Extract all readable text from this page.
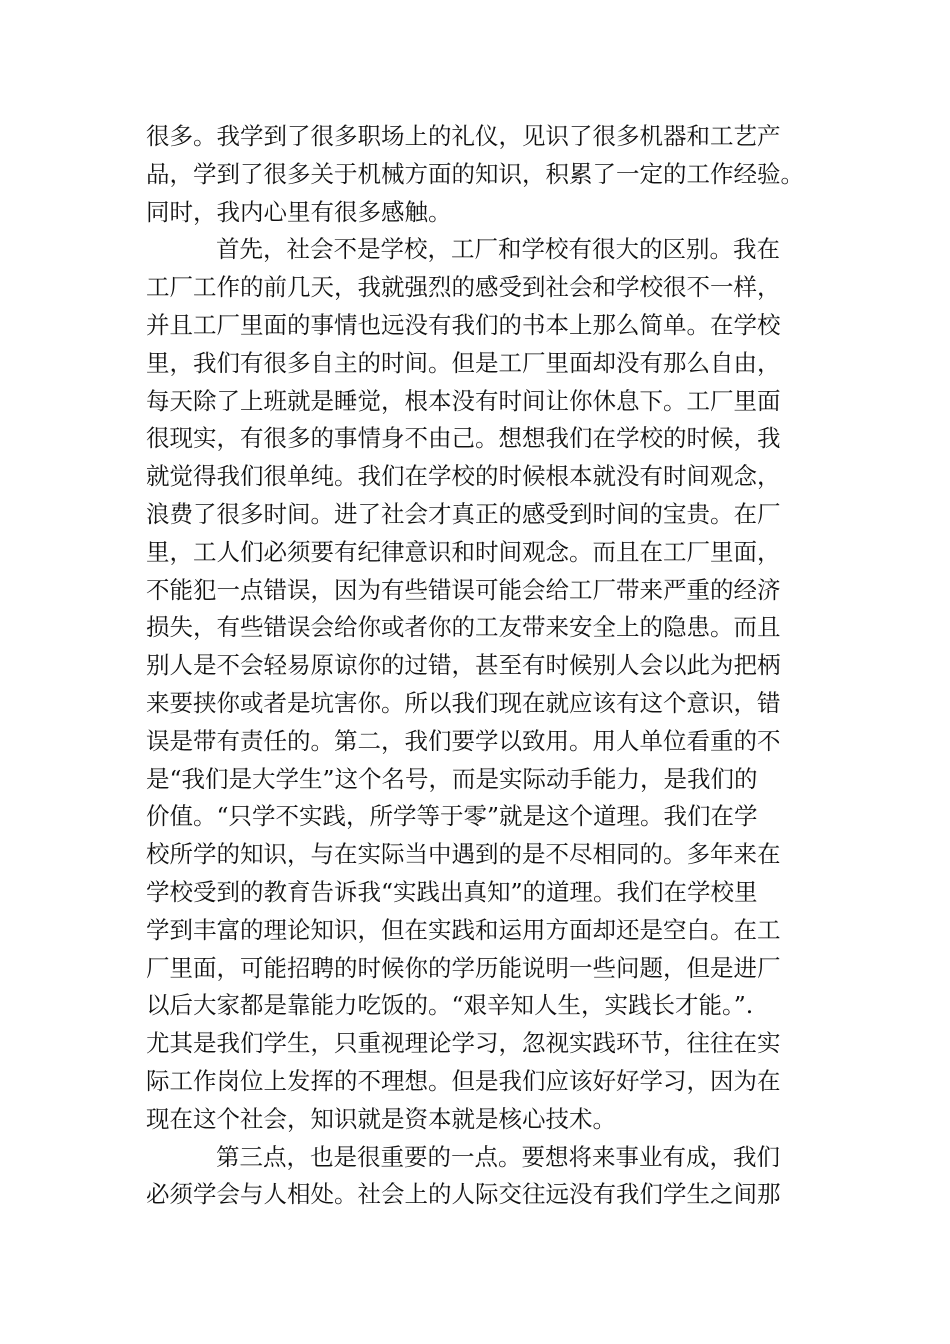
很多。我学到了很多职场上的礼仪，见识了很多机器和工艺产
品，学到了很多关于机械方面的知识，积累了一定的工作经验。
同时，我内心里有很多感触。
首先，社会不是学校，工厂和学校有很大的区别。我在
工厂工作的前几天，我就强烈的感受到社会和学校很不一样，
并且工厂里面的事情也远没有我们的书本上那么简单。在学校
里，我们有很多自主的时间。但是工厂里面却没有那么自由，
每天除了上班就是睡觉，根本没有时间让你休息下。工厂里面
很现实，有很多的事情身不由己。想想我们在学校的时候，我
就觉得我们很单纯。我们在学校的时候根本就没有时间观念，
浪费了很多时间。进了社会才真正的感受到时间的宝贵。在厂
里，工人们必须要有纪律意识和时间观念。而且在工厂里面，
不能犯一点错误，因为有些错误可能会给工厂带来严重的经济
损失，有些错误会给你或者你的工友带来安全上的隐患。而且
别人是不会轻易原谅你的过错，甚至有时候别人会以此为把柄
来要挟你或者是坑害你。所以我们现在就应该有这个意识，错
误是带有责任的。第二，我们要学以致用。用人单位看重的不
是“我们是大学生”这个名号，而是实际动手能力，是我们的
价值。“只学不实践，所学等于零”就是这个道理。我们在学
校所学的知识，与在实际当中遇到的是不尽相同的。多年来在
学校受到的教育告诉我“实践出真知”的道理。我们在学校里
学到丰富的理论知识，但在实践和运用方面却还是空白。在工
厂里面，可能招聘的时候你的学历能说明一些问题，但是进厂
以后大家都是靠能力吃饭的。“艰辛知人生，实践长才能。”.
尤其是我们学生，只重视理论学习，忽视实践环节，往往在实
际工作岗位上发挥的不理想。但是我们应该好好学习，因为在
现在这个社会，知识就是资本就是核心技术。
第三点，也是很重要的一点。要想将来事业有成，我们
必须学会与人相处。社会上的人际交往远没有我们学生之间那
